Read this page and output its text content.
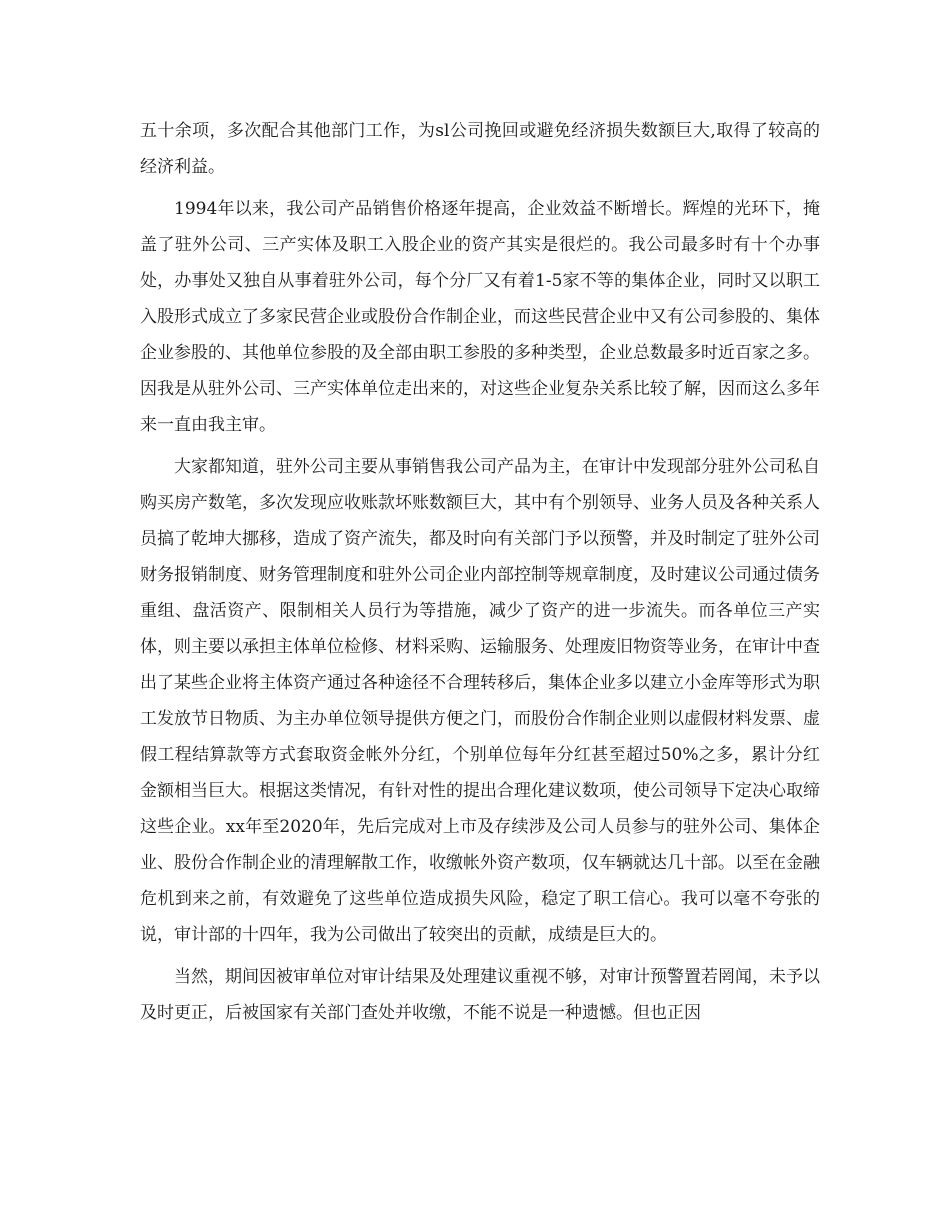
五十余项，多次配合其他部门工作，为sl公司挽回或避免经济损失数额巨大,取得了较高的经济利益。

1994年以来，我公司产品销售价格逐年提高，企业效益不断增长。辉煌的光环下，掩盖了驻外公司、三产实体及职工入股企业的资产其实是很烂的。我公司最多时有十个办事处，办事处又独自从事着驻外公司，每个分厂又有着1-5家不等的集体企业，同时又以职工入股形式成立了多家民营企业或股份合作制企业，而这些民营企业中又有公司参股的、集体企业参股的、其他单位参股的及全部由职工参股的多种类型，企业总数最多时近百家之多。因我是从驻外公司、三产实体单位走出来的，对这些企业复杂关系比较了解，因而这么多年来一直由我主审。

大家都知道，驻外公司主要从事销售我公司产品为主，在审计中发现部分驻外公司私自购买房产数笔，多次发现应收账款坏账数额巨大，其中有个别领导、业务人员及各种关系人员搞了乾坤大挪移，造成了资产流失，都及时向有关部门予以预警，并及时制定了驻外公司财务报销制度、财务管理制度和驻外公司企业内部控制等规章制度，及时建议公司通过债务重组、盘活资产、限制相关人员行为等措施，减少了资产的进一步流失。而各单位三产实体，则主要以承担主体单位检修、材料采购、运输服务、处理废旧物资等业务，在审计中查出了某些企业将主体资产通过各种途径不合理转移后，集体企业多以建立小金库等形式为职工发放节日物质、为主办单位领导提供方便之门，而股份合作制企业则以虚假材料发票、虚假工程结算款等方式套取资金帐外分红，个别单位每年分红甚至超过50%之多，累计分红金额相当巨大。根据这类情况，有针对性的提出合理化建议数项，使公司领导下定决心取缔这些企业。xx年至2020年，先后完成对上市及存续涉及公司人员参与的驻外公司、集体企业、股份合作制企业的清理解散工作，收缴帐外资产数项，仅车辆就达几十部。以至在金融危机到来之前，有效避免了这些单位造成损失风险，稳定了职工信心。我可以毫不夸张的说，审计部的十四年，我为公司做出了较突出的贡献，成绩是巨大的。

当然，期间因被审单位对审计结果及处理建议重视不够，对审计预警置若罔闻，未予以及时更正，后被国家有关部门查处并收缴，不能不说是一种遗憾。但也正因
